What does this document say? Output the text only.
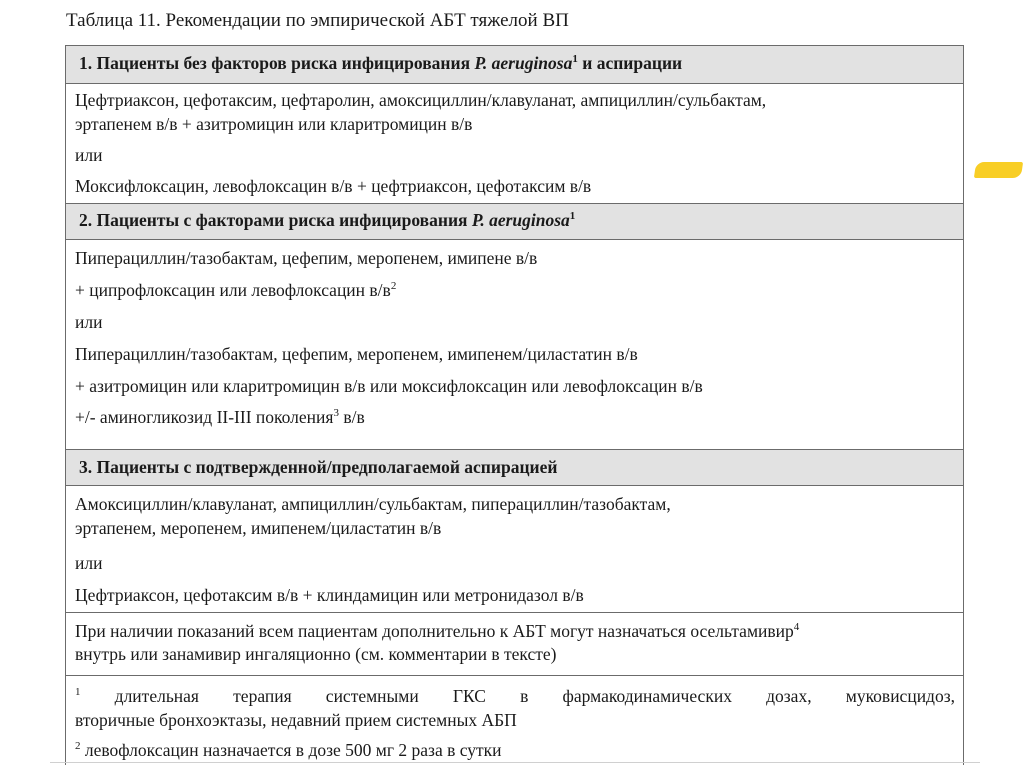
Таблица 11. Рекомендации по эмпирической АБТ тяжелой ВП
1. Пациенты без факторов риска инфицирования P. aeruginosa$^1$ и аспирации
Цефтриаксон, цефотаксим, цефтаролин, амоксициллин/клавуланат, ампициллин/сульбактам,
эртапенем в/в + азитромицин или кларитромицин в/в
или
Моксифлоксацин, левофлоксацин в/в + цефтриаксон, цефотаксим в/в
2. Пациенты с факторами риска инфицирования P. aeruginosa$^1$
Пиперациллин/тазобактам, цефепим, меропенем, имипене в/в
+ ципрофлоксацин или левофлоксацин $в/в^2$
или
Пиперациллин/тазобактам, цефепим, меропенем, имипенем/циластатин в/в
+ азитромицин или кларитромицин в/в или моксифлоксацин или левофлоксацин в/в
+/- аминогликозид II-III поколения$^3$ в/в
3. Пациенты с подтвержденной/предполагаемой аспирацией
Амоксициллин/клавуланат, ампициллин/сульбактам, пиперациллин/тазобактам,
эртапенем, меропенем, имипенем/циластатин в/в
или
Цефтриаксон, цефотаксим в/в + клиндамицин или метронидазол в/в
При наличии показаний всем пациентам дополнительно к АБТ могут назначаться осельтамивир$^4$
внутрь или занамивир ингаляционно (см. комментарии в тексте)
$^1$ длительная терапия системными ГКС в фармакодинамических дозах, муковисцидоз,
вторичные бронхоэктазы, недавний прием системных АБП
$^2$ левофлоксацин назначается в дозе 500 мг 2 раза в сутки
